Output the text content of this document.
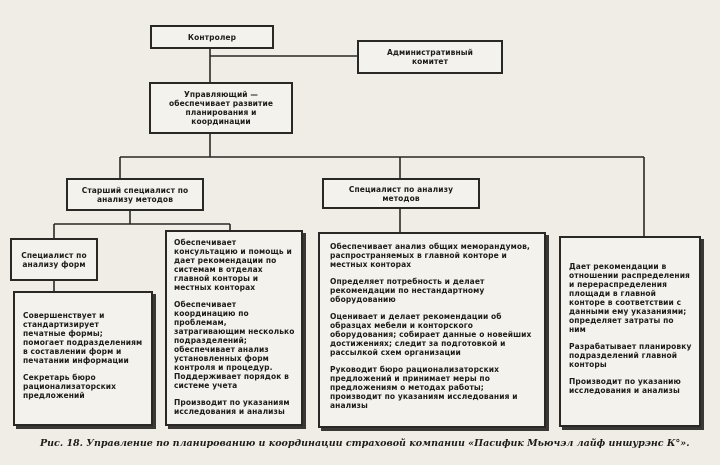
Контролер
Административный комитет
Управляющий — обеспечивает развитие планирования и координации
Старший специалист по анализу методов
Специалист по анализу методов
Специалист по анализу форм

Совершенствует и стандартизирует печатные формы; помогает подразделениям в составлении форм и печатании информации

Секретарь бюро рационализаторских предложений

Обеспечивает консультацию и помощь и дает рекомендации по системам в отделах главной конторы и местных конторах

Обеспечивает координацию по проблемам, затрагивающим несколько подразделений; обеспечивает анализ установленных форм контроля и процедур. Поддерживает порядок в системе учета

Производит по указаниям исследования и анализы

Обеспечивает анализ общих меморандумов, распространяемых в главной конторе и местных конторах

Определяет потребность и делает рекомендации по нестандартному оборудованию

Оценивает и делает рекомендации об образцах мебели и конторского оборудования; собирает данные о новейших достижениях; следит за подготовкой и рассылкой схем организации

Руководит бюро рационализаторских предложений и принимает меры по предложениям о методах работы; производит по указаниям исследования и анализы

Дает рекомендации в отношении распределения и перераспределения площади в главной конторе в соответствии с данными ему указаниями; определяет затраты по ним

Разрабатывает планировку подразделений главной конторы

Производит по указанию исследования и анализы

Рис. 18. Управление по планированию и координации страховой компании «Пасифик Мьючэл лайф иншурэнс К°».
